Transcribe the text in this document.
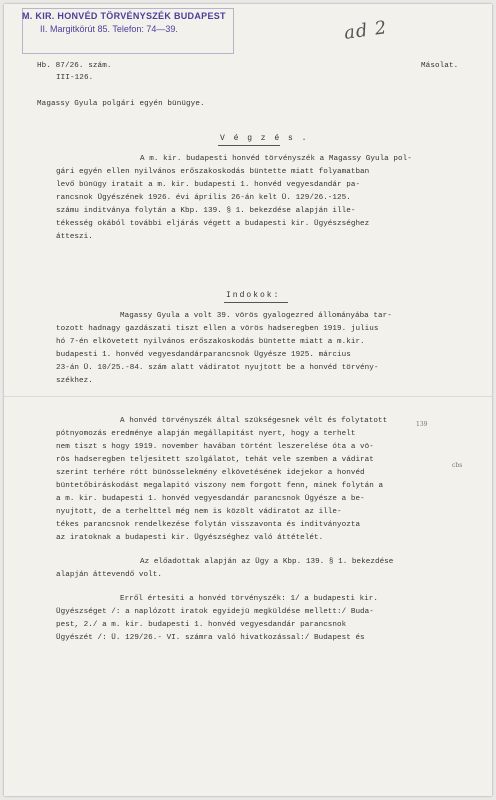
M. KIR. HONVÉD TÖRVÉNYSZÉK BUDAPEST
II. Margitkörút 85. Telefon: 74—39.	ad 2
Hb. 87/26. szám.
III-126.
Másolat.
Magassy Gyula polgári egyén bünügye.
V é g z é s .
A m. kir. budapesti honvéd törvényszék a Magassy Gyula pol-
gári egyén ellen nyilvános erőszakoskodás büntette miatt folyamatban
levő bünügy iratait a m. kir. budapesti 1. honvéd vegyesdandár pa-
rancsnok Ügyészének 1926. évi április 26-án kelt Ü. 129/26.-125.
számu inditványa folytán a Kbp. 139. § 1. bekezdése alapján ille-
tékesség okából további eljárás végett a budapesti kir. Ügyészséghez
átteszi.
Indokok:
Magassy Gyula a volt 39. vörös gyalogezred állományába tar-
tozott hadnagy gazdászati tiszt ellen a vörös hadseregben 1919. julius
hó 7-én elkövetett nyilvános erőszakoskodás büntette miatt a m.kir.
budapesti 1. honvéd vegyesdandárparancsnok Ügyésze 1925. március
23-án Ü. 10/25.-84. szám alatt vádiratot nyujtott be a honvéd törvény-
székhez.
A honvéd törvényszék által szükségesnek vélt és folytatott
pótnyomozás eredménye alapján megállapitást nyert, hogy a terhelt
nem tiszt s hogy 1919. november havában történt leszerelése óta a vö-
rös hadseregben teljesitett szolgálatot, tehát vele szemben a vádirat
szerint terhére rótt bünösselekmény elkövetésének idejekor a honvéd
büntetőbiráskodást megalapitó viszony nem forgott fenn, minek folytán a
a m. kir. budapesti 1. honvéd vegyesdandár parancsnok Ügyésze a be-
nyujtott, de a terhelttel még nem is közölt vádiratot az ille-
tékes parancsnok rendelkezése folytán visszavonta és inditványozta
az iratoknak a budapesti kir. Ügyészséghez való áttételét.
Az előadottak alapján az Ügy a Kbp. 139. § 1. bekezdése
alapján áttevendő volt.
Erről értesiti a honvéd törvényszék: 1/ a budapesti kir.
Ügyészséget /: a naplózott iratok egyidejü megküldése mellett:/ Buda-
pest, 2./ a m. kir. budapesti 1. honvéd vegyesdandár parancsnok
Ügyészét /: Ü. 129/26.- VI. számra való hivatkozással:/ Budapest és
139
cbs
